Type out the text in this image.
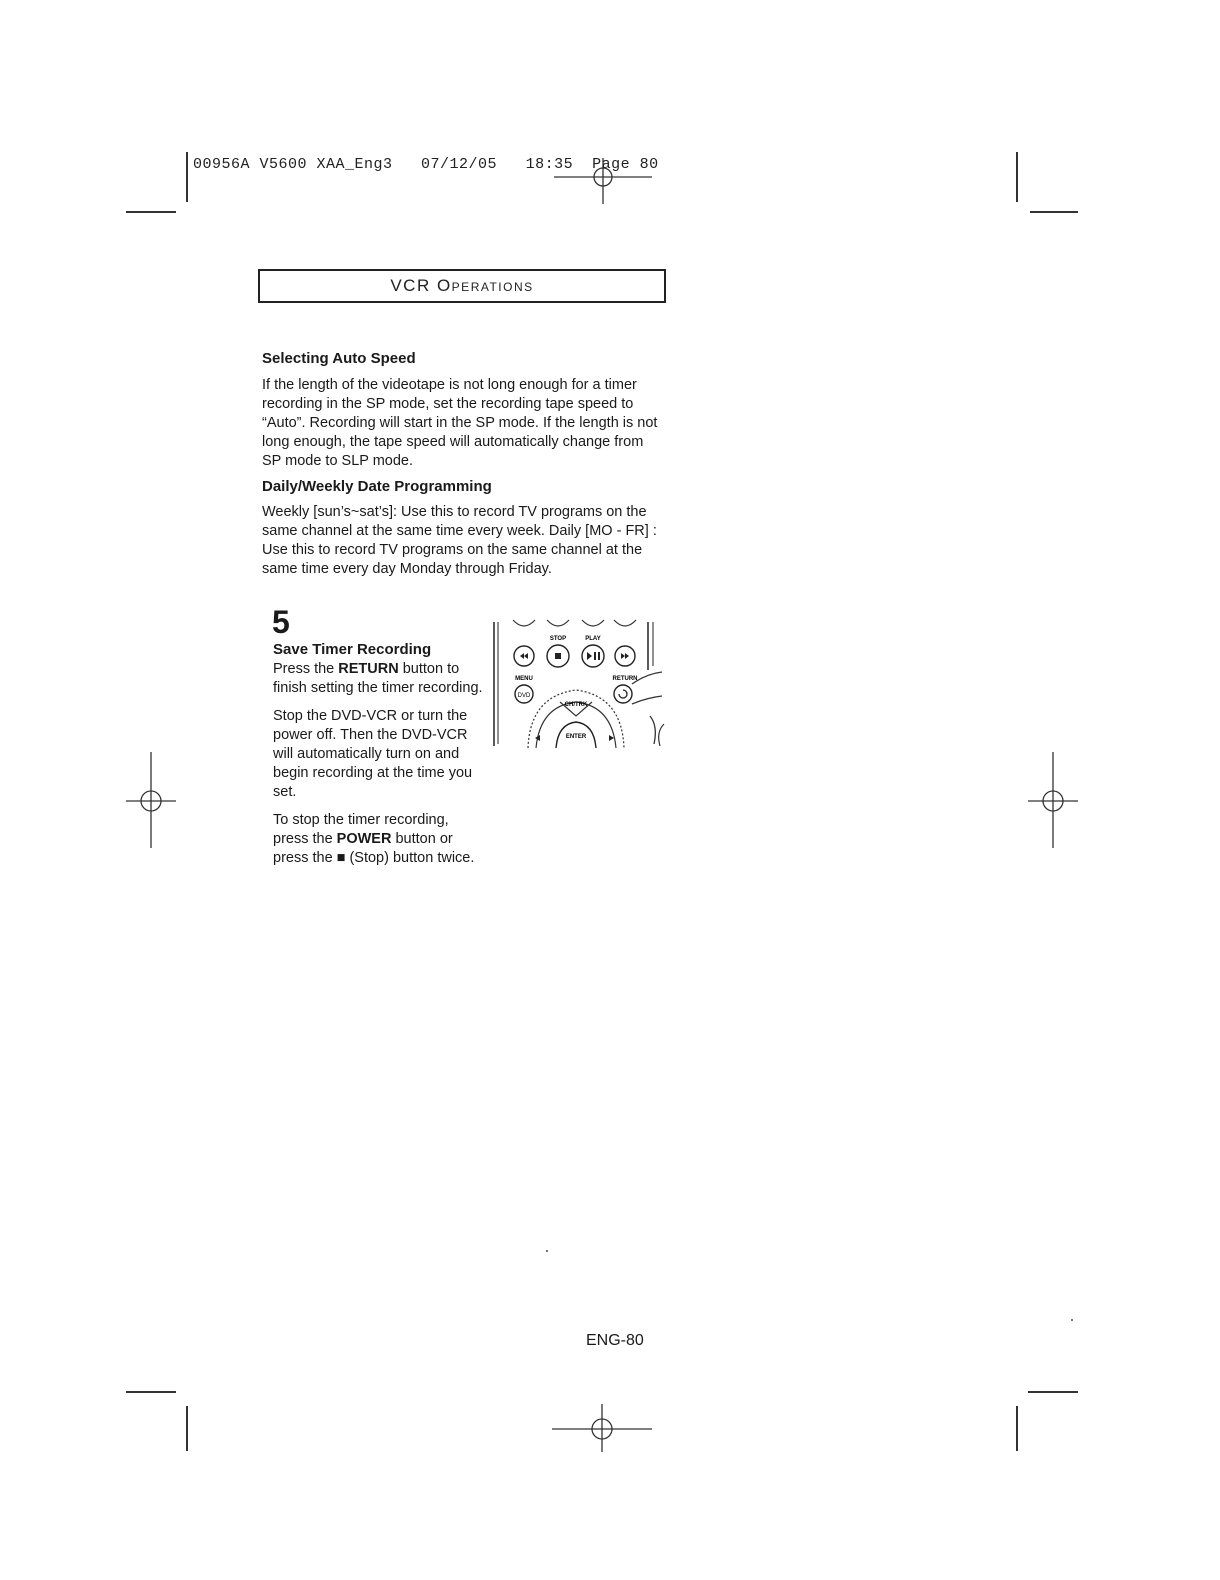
00956A V5600 XAA_Eng3 07/12/05 18:35 Page 80
VCR Operations
Selecting Auto Speed
If the length of the videotape is not long enough for a timer recording in the SP mode, set the recording tape speed to “Auto”. Recording will start in the SP mode. If the length is not long enough, the tape speed will automatically change from SP mode to SLP mode.
Daily/Weekly Date Programming
Weekly [sun’s~sat’s]: Use this to record TV programs on the same channel at the same time every week. Daily [MO - FR] : Use this to record TV programs on the same channel at the same time every day Monday through Friday.
5
Save Timer Recording

Press the RETURN button to finish setting the timer recording.

Stop the DVD-VCR or turn the power off. Then the DVD-VCR will automatically turn on and begin recording at the time you set.

To stop the timer recording, press the POWER button or press the ■ (Stop) button twice.

STOP	PLAY
MENU	RETURN
DVD
CH/TRK
ENTER
ENG-80
